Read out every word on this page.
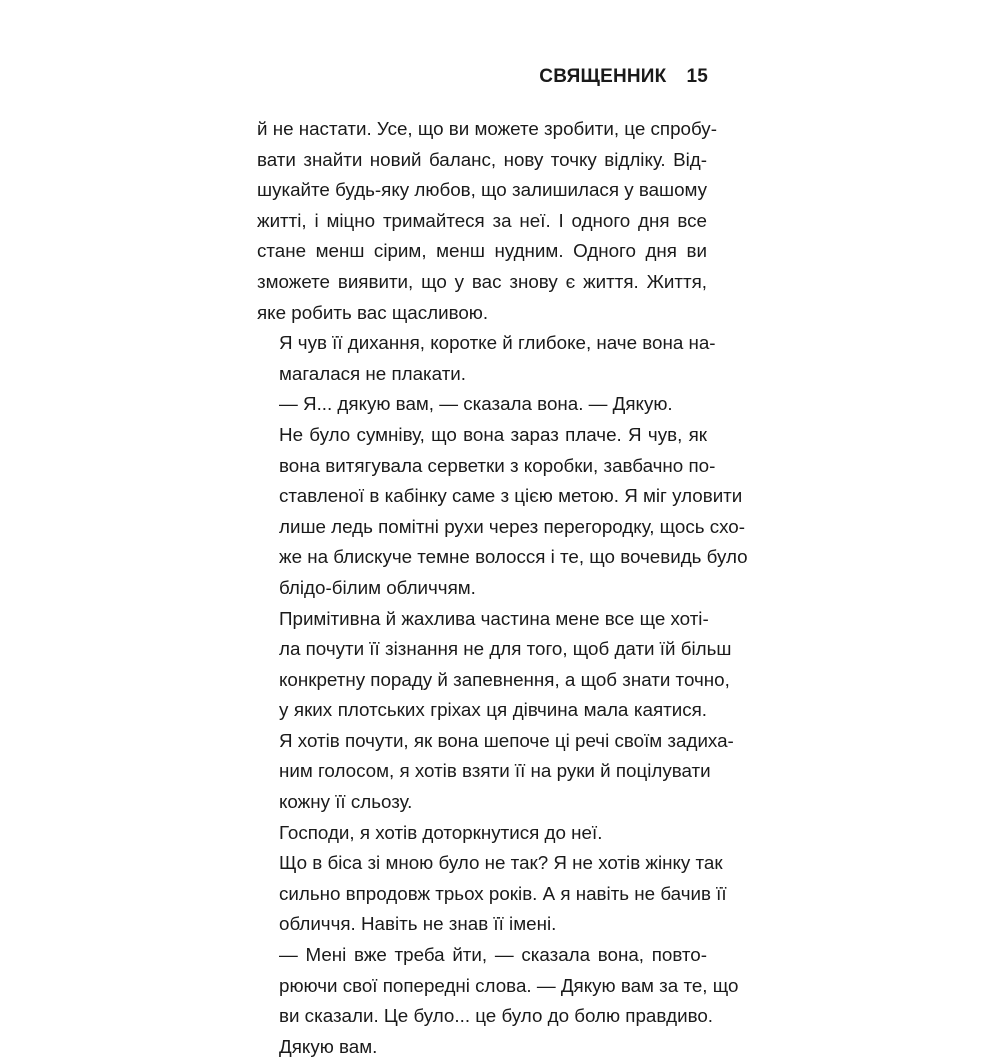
СВЯЩЕННИК 15

й не настати. Усе, що ви можете зробити, це спробу-
вати знайти новий баланс, нову точку відліку. Від-
шукайте будь-яку любов, що залишилася у вашому
житті, і міцно тримайтеся за неї. І одного дня все
стане менш сірим, менш нудним. Одного дня ви
зможете виявити, що у вас знову є життя. Життя,
яке робить вас щасливою.

Я чув її дихання, коротке й глибоке, наче вона на-
магалася не плакати.

— Я... дякую вам, — сказала вона. — Дякую.

Не було сумніву, що вона зараз плаче. Я чув, як
вона витягувала серветки з коробки, завбачно по-
ставленої в кабінку саме з цією метою. Я міг уловити
лише ледь помітні рухи через перегородку, щось схо-
же на блискуче темне волосся і те, що вочевидь було
блідо-білим обличчям.

Примітивна й жахлива частина мене все ще хоті-
ла почути її зізнання не для того, щоб дати їй більш
конкретну пораду й запевнення, а щоб знати точно,
у яких плотських гріхах ця дівчина мала каятися.
Я хотів почути, як вона шепоче ці речі своїм задиха-
ним голосом, я хотів взяти її на руки й поцілувати
кожну її сльозу.

Господи, я хотів доторкнутися до неї.

Що в біса зі мною було не так? Я не хотів жінку так
сильно впродовж трьох років. А я навіть не бачив її
обличчя. Навіть не знав її імені.

— Мені вже треба йти, — сказала вона, повто-
рюючи свої попередні слова. — Дякую вам за те, що
ви сказали. Це було... це було до болю правдиво.
Дякую вам.
